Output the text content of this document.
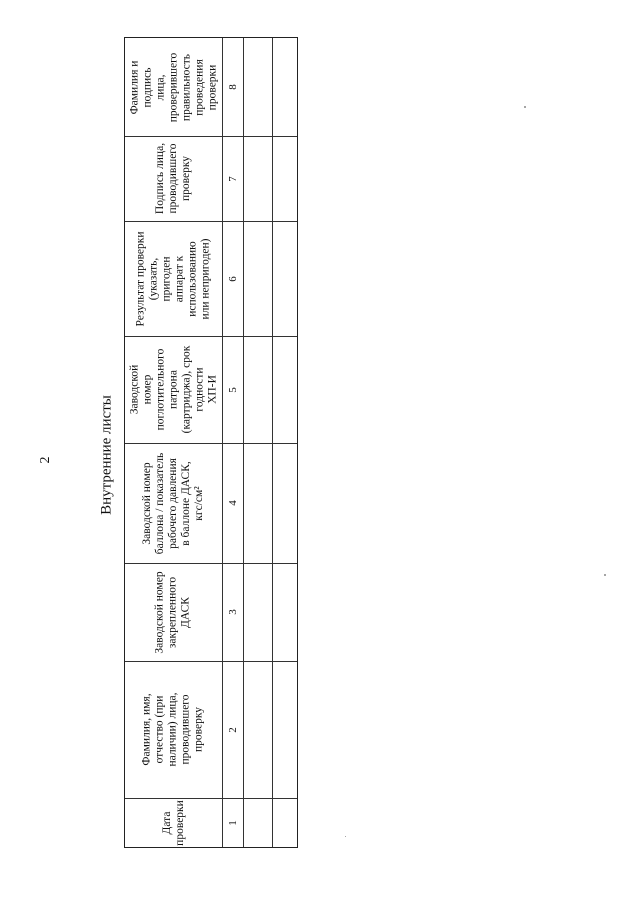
2	Внутренние листы
Дата
проверки
Фамилия, имя,
отчество (при
наличии) лица,
проводившего
проверку
Заводской номер
закрепленного
ДАСК
Заводской номер
баллона / показатель
рабочего давления
в баллоне ДАСК,
кгс/см²
Заводской
номер
поглотительного
патрона
(картриджа), срок
годности
ХП-И
Результат проверки
(указать,
пригоден
аппарат к
использованию
или непригоден)
Подпись лица,
проводившего
проверку
Фамилия и
подпись
лица,
проверившего
правильность
проведения
проверки
1
2
3
4
5
6
7
8
